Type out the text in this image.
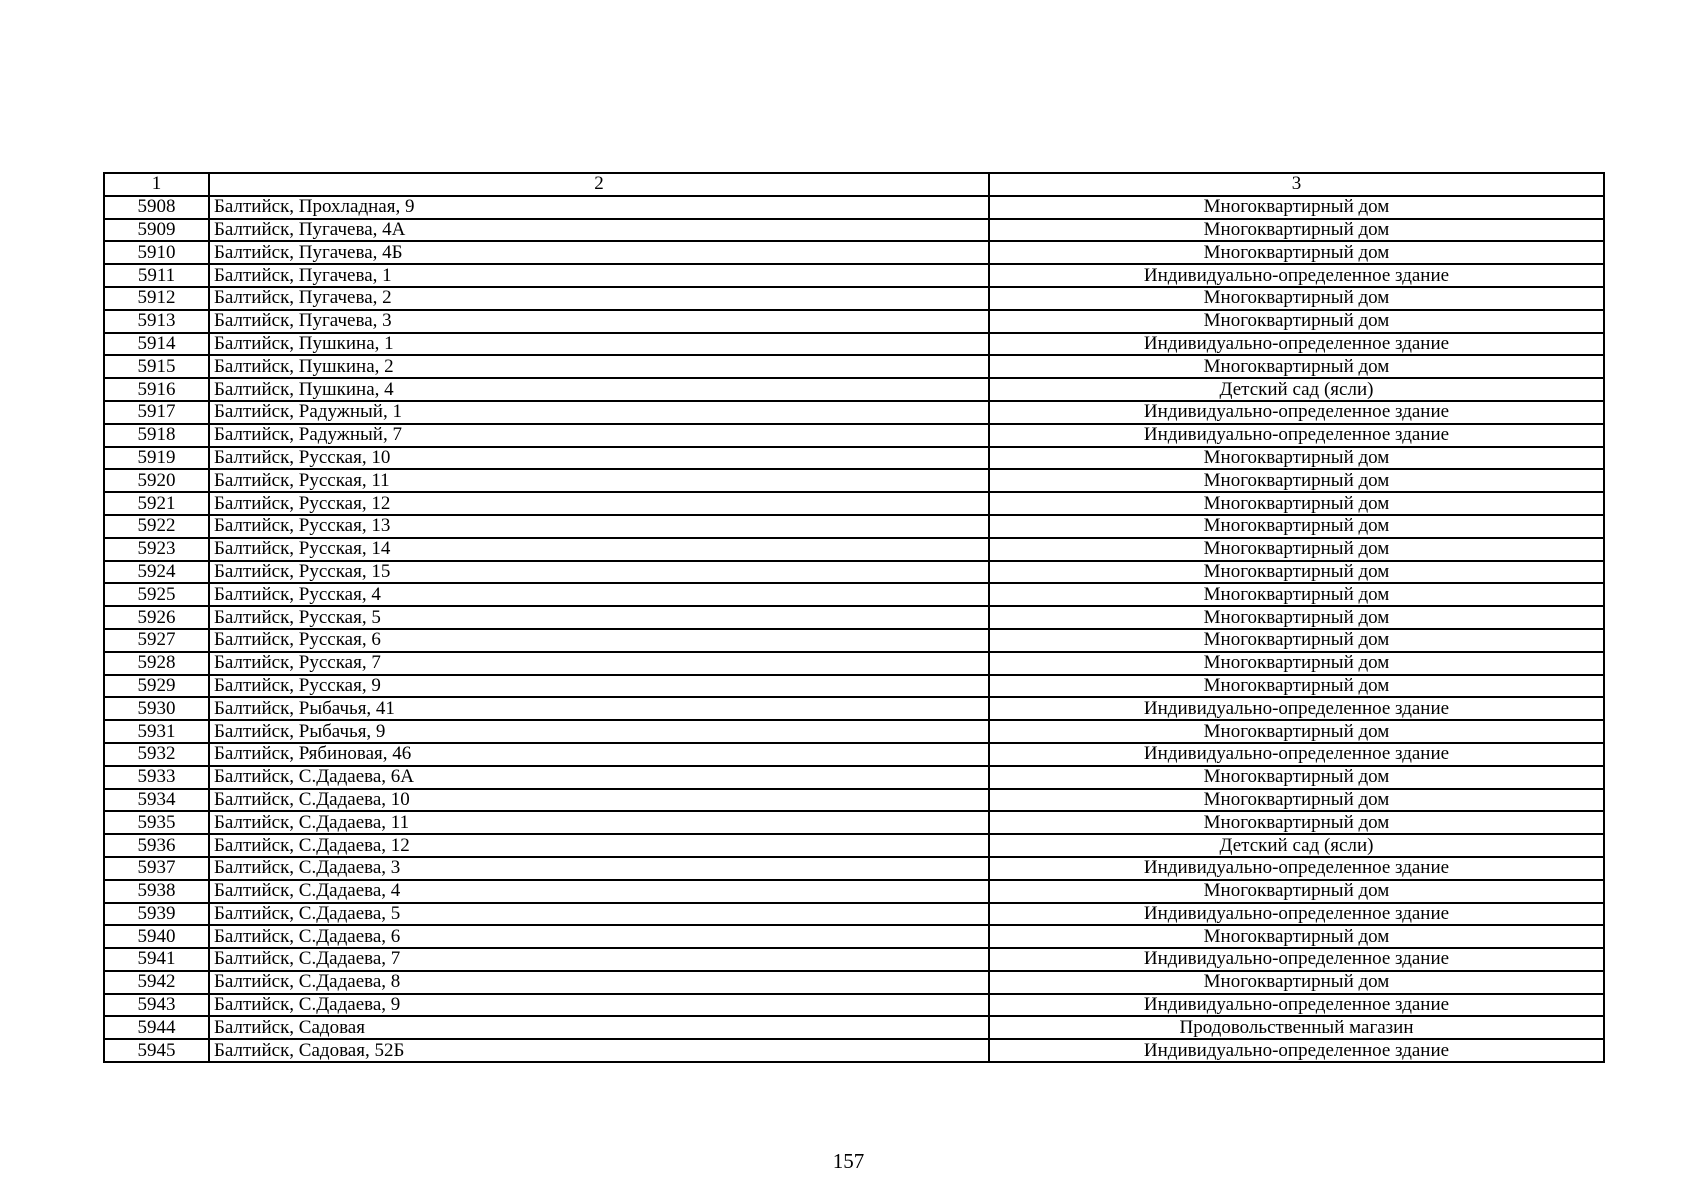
1	2	3
5908	Балтийск, Прохладная, 9	Многоквартирный дом
5909	Балтийск, Пугачева, 4А	Многоквартирный дом
5910	Балтийск, Пугачева, 4Б	Многоквартирный дом
5911	Балтийск, Пугачева, 1	Индивидуально-определенное здание
5912	Балтийск, Пугачева, 2	Многоквартирный дом
5913	Балтийск, Пугачева, 3	Многоквартирный дом
5914	Балтийск, Пушкина, 1	Индивидуально-определенное здание
5915	Балтийск, Пушкина, 2	Многоквартирный дом
5916	Балтийск, Пушкина, 4	Детский сад (ясли)
5917	Балтийск, Радужный, 1	Индивидуально-определенное здание
5918	Балтийск, Радужный, 7	Индивидуально-определенное здание
5919	Балтийск, Русская, 10	Многоквартирный дом
5920	Балтийск, Русская, 11	Многоквартирный дом
5921	Балтийск, Русская, 12	Многоквартирный дом
5922	Балтийск, Русская, 13	Многоквартирный дом
5923	Балтийск, Русская, 14	Многоквартирный дом
5924	Балтийск, Русская, 15	Многоквартирный дом
5925	Балтийск, Русская, 4	Многоквартирный дом
5926	Балтийск, Русская, 5	Многоквартирный дом
5927	Балтийск, Русская, 6	Многоквартирный дом
5928	Балтийск, Русская, 7	Многоквартирный дом
5929	Балтийск, Русская, 9	Многоквартирный дом
5930	Балтийск, Рыбачья, 41	Индивидуально-определенное здание
5931	Балтийск, Рыбачья, 9	Многоквартирный дом
5932	Балтийск, Рябиновая, 46	Индивидуально-определенное здание
5933	Балтийск, С.Дадаева, 6А	Многоквартирный дом
5934	Балтийск, С.Дадаева, 10	Многоквартирный дом
5935	Балтийск, С.Дадаева, 11	Многоквартирный дом
5936	Балтийск, С.Дадаева, 12	Детский сад (ясли)
5937	Балтийск, С.Дадаева, 3	Индивидуально-определенное здание
5938	Балтийск, С.Дадаева, 4	Многоквартирный дом
5939	Балтийск, С.Дадаева, 5	Индивидуально-определенное здание
5940	Балтийск, С.Дадаева, 6	Многоквартирный дом
5941	Балтийск, С.Дадаева, 7	Индивидуально-определенное здание
5942	Балтийск, С.Дадаева, 8	Многоквартирный дом
5943	Балтийск, С.Дадаева, 9	Индивидуально-определенное здание
5944	Балтийск, Садовая	Продовольственный магазин
5945	Балтийск, Садовая, 52Б	Индивидуально-определенное здание
157
